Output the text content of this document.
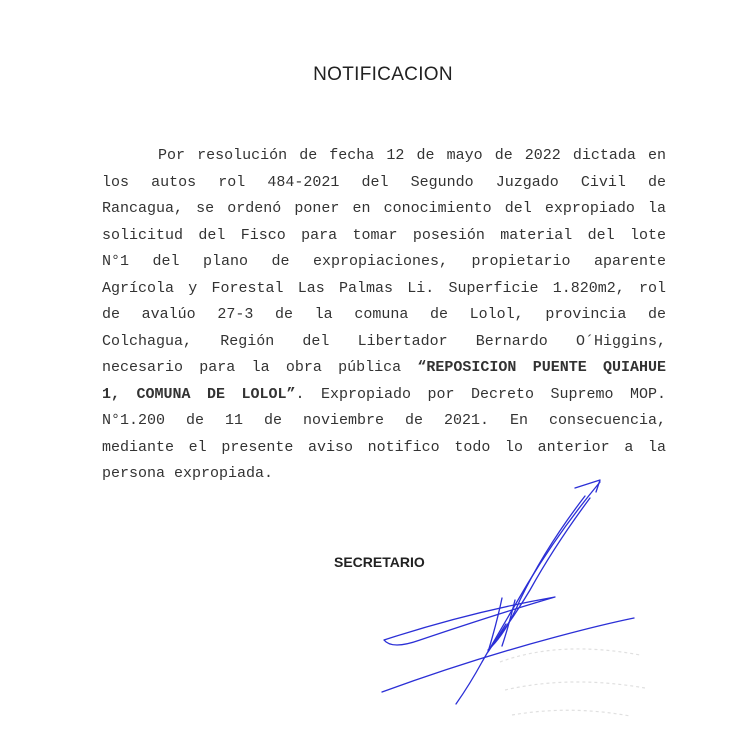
NOTIFICACION
Por resolución de fecha 12 de mayo de 2022 dictada en
los autos rol 484-2021 del Segundo Juzgado Civil de
Rancagua, se ordenó poner en conocimiento del expropiado la
solicitud del Fisco para tomar posesión material del lote
N°1 del plano de expropiaciones, propietario aparente
Agrícola y Forestal Las Palmas Li. Superficie 1.820m2, rol
de avalúo 27-3 de la comuna de Lolol, provincia de
Colchagua, Región del Libertador Bernardo O´Higgins,
necesario para la obra pública “REPOSICION PUENTE QUIAHUE
1, COMUNA DE LOLOL”. Expropiado por Decreto Supremo MOP.
N°1.200 de 11 de noviembre de 2021. En consecuencia,
mediante el presente aviso notifico todo lo anterior a la
persona expropiada.
SECRETARIO
